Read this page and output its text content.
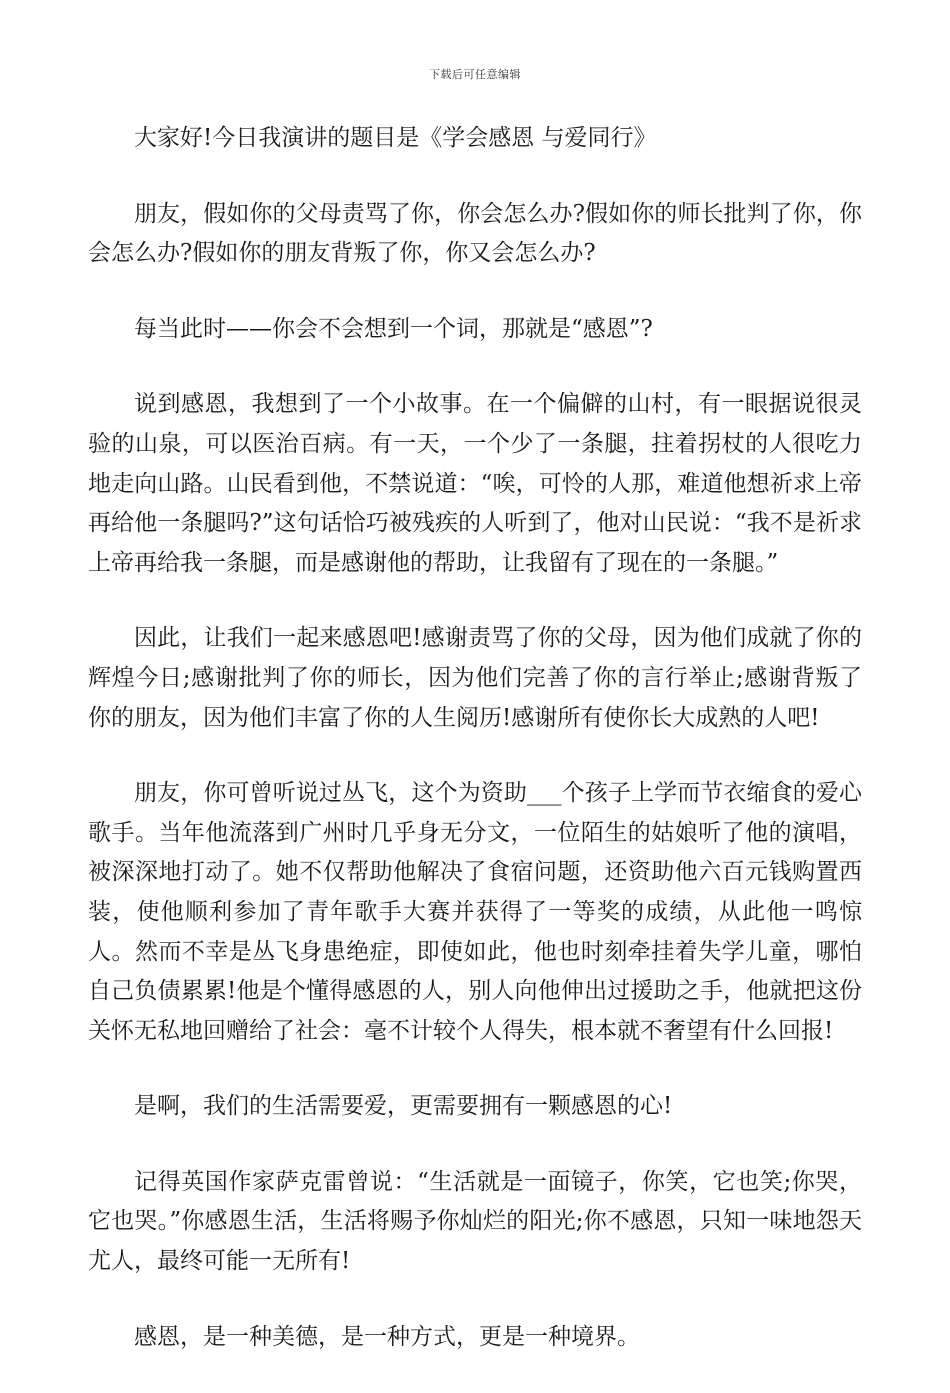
下载后可任意编辑

大家好!今日我演讲的题目是《学会感恩 与爱同行》

朋友，假如你的父母责骂了你，你会怎么办?假如你的师长批判了你，你会怎么办?假如你的朋友背叛了你，你又会怎么办?

每当此时——你会不会想到一个词，那就是“感恩”?

说到感恩，我想到了一个小故事。在一个偏僻的山村，有一眼据说很灵验的山泉，可以医治百病。有一天，一个少了一条腿，拄着拐杖的人很吃力地走向山路。山民看到他，不禁说道：“唉，可怜的人那，难道他想祈求上帝再给他一条腿吗?”这句话恰巧被残疾的人听到了，他对山民说：“我不是祈求上帝再给我一条腿，而是感谢他的帮助，让我留有了现在的一条腿。”

因此，让我们一起来感恩吧!感谢责骂了你的父母，因为他们成就了你的辉煌今日;感谢批判了你的师长，因为他们完善了你的言行举止;感谢背叛了你的朋友，因为他们丰富了你的人生阅历!感谢所有使你长大成熟的人吧!

朋友，你可曾听说过丛飞，这个为资助___个孩子上学而节衣缩食的爱心歌手。当年他流落到广州时几乎身无分文，一位陌生的姑娘听了他的演唱，被深深地打动了。她不仅帮助他解决了食宿问题，还资助他六百元钱购置西装，使他顺利参加了青年歌手大赛并获得了一等奖的成绩，从此他一鸣惊人。然而不幸是丛飞身患绝症，即使如此，他也时刻牵挂着失学儿童，哪怕自己负债累累!他是个懂得感恩的人，别人向他伸出过援助之手，他就把这份关怀无私地回赠给了社会：毫不计较个人得失，根本就不奢望有什么回报!

是啊，我们的生活需要爱，更需要拥有一颗感恩的心!

记得英国作家萨克雷曾说：“生活就是一面镜子，你笑，它也笑;你哭，它也哭。”你感恩生活，生活将赐予你灿烂的阳光;你不感恩，只知一味地怨天尤人，最终可能一无所有!

感恩，是一种美德，是一种方式，更是一种境界。
